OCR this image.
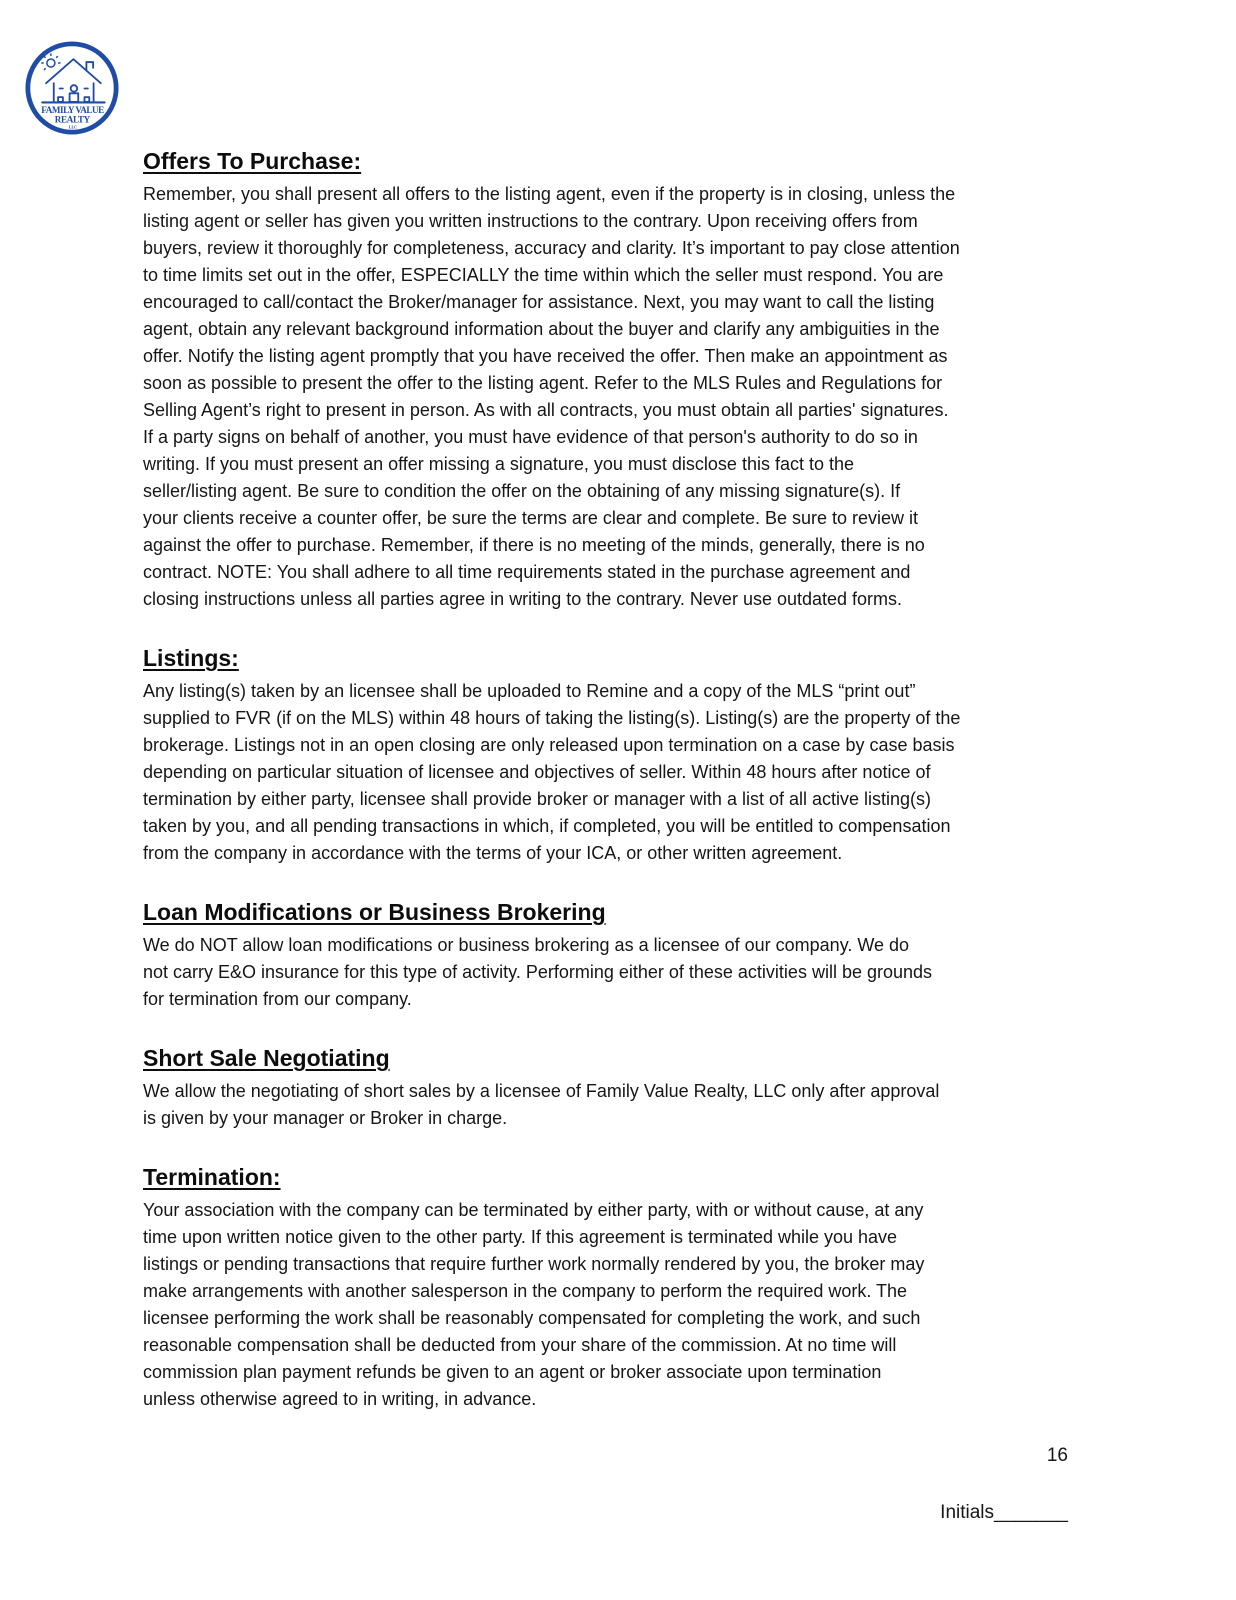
FAMILY VALUE
REALTY
LLC
Offers To Purchase:
Remember, you shall present all offers to the listing agent, even if the property is in closing, unless the
listing agent or seller has given you written instructions to the contrary. Upon receiving offers from
buyers, review it thoroughly for completeness, accuracy and clarity. It’s important to pay close attention
to time limits set out in the offer, ESPECIALLY the time within which the seller must respond. You are
encouraged to call/contact the Broker/manager for assistance. Next, you may want to call the listing
agent, obtain any relevant background information about the buyer and clarify any ambiguities in the
offer. Notify the listing agent promptly that you have received the offer. Then make an appointment as
soon as possible to present the offer to the listing agent. Refer to the MLS Rules and Regulations for
Selling Agent’s right to present in person. As with all contracts, you must obtain all parties' signatures.
If a party signs on behalf of another, you must have evidence of that person's authority to do so in
writing. If you must present an offer missing a signature, you must disclose this fact to the
seller/listing agent. Be sure to condition the offer on the obtaining of any missing signature(s). If
your clients receive a counter offer, be sure the terms are clear and complete. Be sure to review it
against the offer to purchase. Remember, if there is no meeting of the minds, generally, there is no
contract. NOTE: You shall adhere to all time requirements stated in the purchase agreement and
closing instructions unless all parties agree in writing to the contrary. Never use outdated forms.
Listings:
Any listing(s) taken by an licensee shall be uploaded to Remine and a copy of the MLS “print out”
supplied to FVR (if on the MLS) within 48 hours of taking the listing(s). Listing(s) are the property of the
brokerage. Listings not in an open closing are only released upon termination on a case by case basis
depending on particular situation of licensee and objectives of seller. Within 48 hours after notice of
termination by either party, licensee shall provide broker or manager with a list of all active listing(s)
taken by you, and all pending transactions in which, if completed, you will be entitled to compensation
from the company in accordance with the terms of your ICA, or other written agreement.
Loan Modifications or Business Brokering
We do NOT allow loan modifications or business brokering as a licensee of our company. We do
not carry E&O insurance for this type of activity. Performing either of these activities will be grounds
for termination from our company.
Short Sale Negotiating
We allow the negotiating of short sales by a licensee of Family Value Realty, LLC only after approval
is given by your manager or Broker in charge.
Termination:
Your association with the company can be terminated by either party, with or without cause, at any
time upon written notice given to the other party. If this agreement is terminated while you have
listings or pending transactions that require further work normally rendered by you, the broker may
make arrangements with another salesperson in the company to perform the required work. The
licensee performing the work shall be reasonably compensated for completing the work, and such
reasonable compensation shall be deducted from your share of the commission. At no time will
commission plan payment refunds be given to an agent or broker associate upon termination
unless otherwise agreed to in writing, in advance.
16
Initials_______
